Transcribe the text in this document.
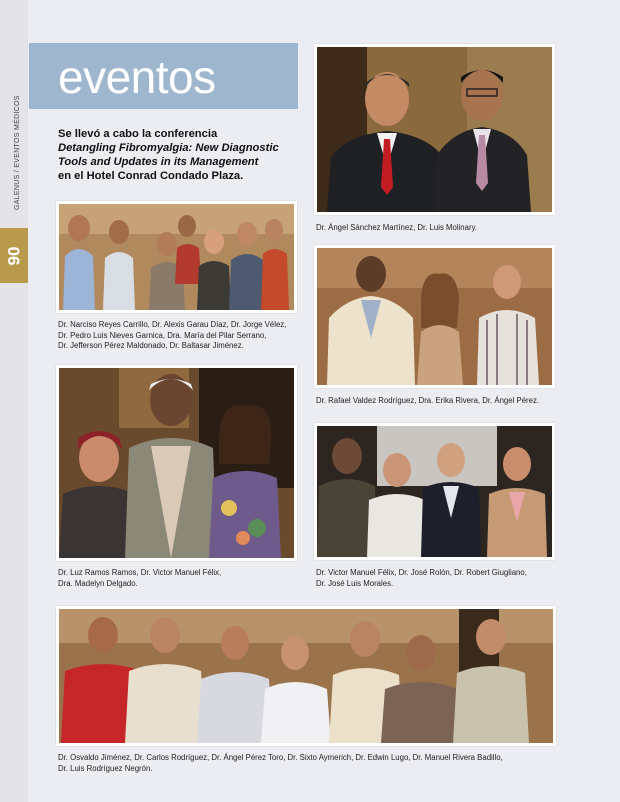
90
GALENUS / EVENTOS MÉDICOS
eventos
Se llevó a cabo la conferencia
Detangling Fibromyalgia: New Diagnostic
Tools and Updates in its Management
en el Hotel Conrad Condado Plaza.
Dr. Ángel Sánchez Martínez, Dr. Luis Molinary.
Dr. Narciso Reyes Carrillo, Dr. Alexis Garau Díaz, Dr. Jorge Vélez,
Dr. Pedro Luis Nieves Garnica, Dra. María del Pilar Serrano,
Dr. Jefferson Pérez Maldonado, Dr. Baltasar Jiménez.
Dr. Rafael Valdez Rodríguez, Dra. Erika Rivera, Dr. Ángel Pérez.
Dr. Luz Ramos Ramos, Dr. Victor Manuel Félix,
Dra. Madelyn Delgado.
Dr. Victor Manuel Félix, Dr. José Rolón, Dr. Robert Giugliano,
Dr. José Luis Morales.
Dr. Osvaldo Jiménez, Dr. Carlos Rodríguez, Dr. Ángel Pérez Toro, Dr. Sixto Aymerich, Dr. Edwin Lugo, Dr. Manuel Rivera Badillo,
Dr. Luis Rodríguez Negrón.
